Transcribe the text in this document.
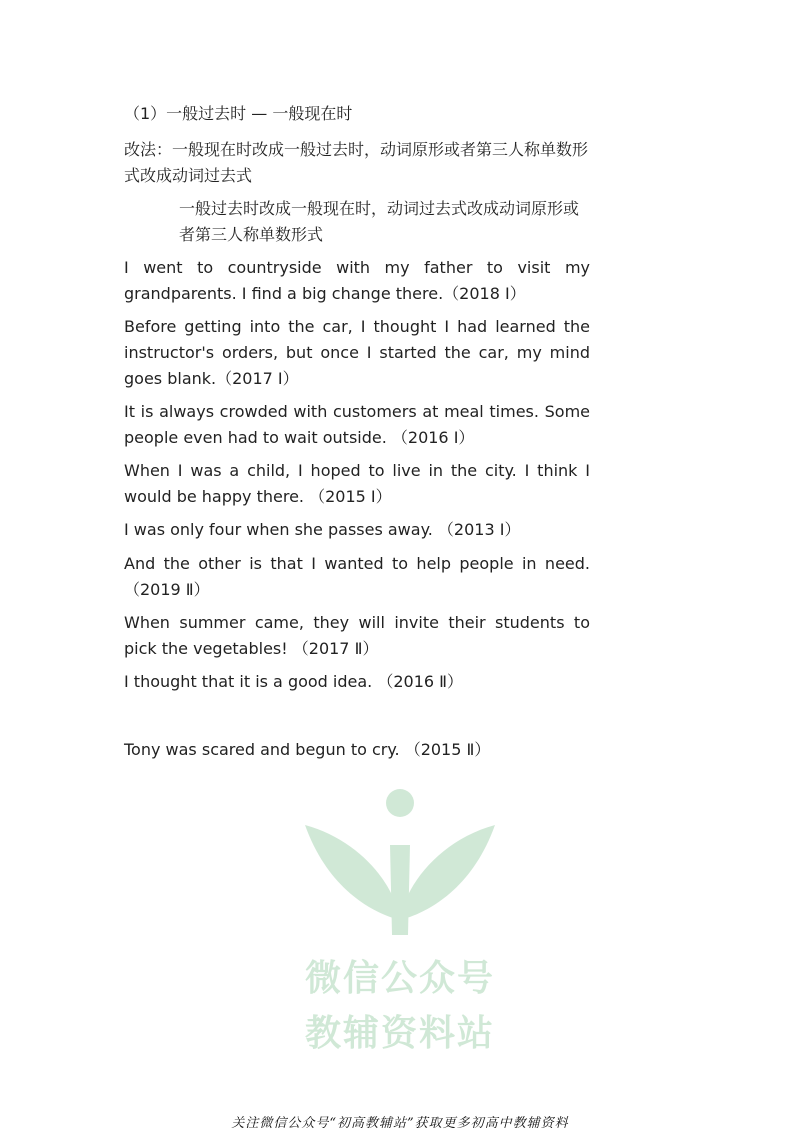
（1）一般过去时 — 一般现在时
改法：一般现在时改成一般过去时，动词原形或者第三人称单数形式改成动词过去式
一般过去时改成一般现在时，动词过去式改成动词原形或者第三人称单数形式
I went to countryside with my father to visit my grandparents. I find a big change there.（2018 Ⅰ）
Before getting into the car, I thought I had learned the instructor's orders, but once I started the car, my mind goes blank.（2017 Ⅰ）
It is always crowded with customers at meal times. Some people even had to wait outside. （2016 Ⅰ）
When I was a child, I hoped to live in the city. I think I would be happy there. （2015 Ⅰ）
I was only four when she passes away. （2013 Ⅰ）
And the other is that I wanted to help people in need.（2019 Ⅱ）
When summer came, they will invite their students to pick the vegetables! （2017 Ⅱ）
I thought that it is a good idea. （2016 Ⅱ）
Tony was scared and begun to cry. （2015 Ⅱ）
微信公众号
教辅资料站
关注微信公众号“初高教辅站”获取更多初高中教辅资料
